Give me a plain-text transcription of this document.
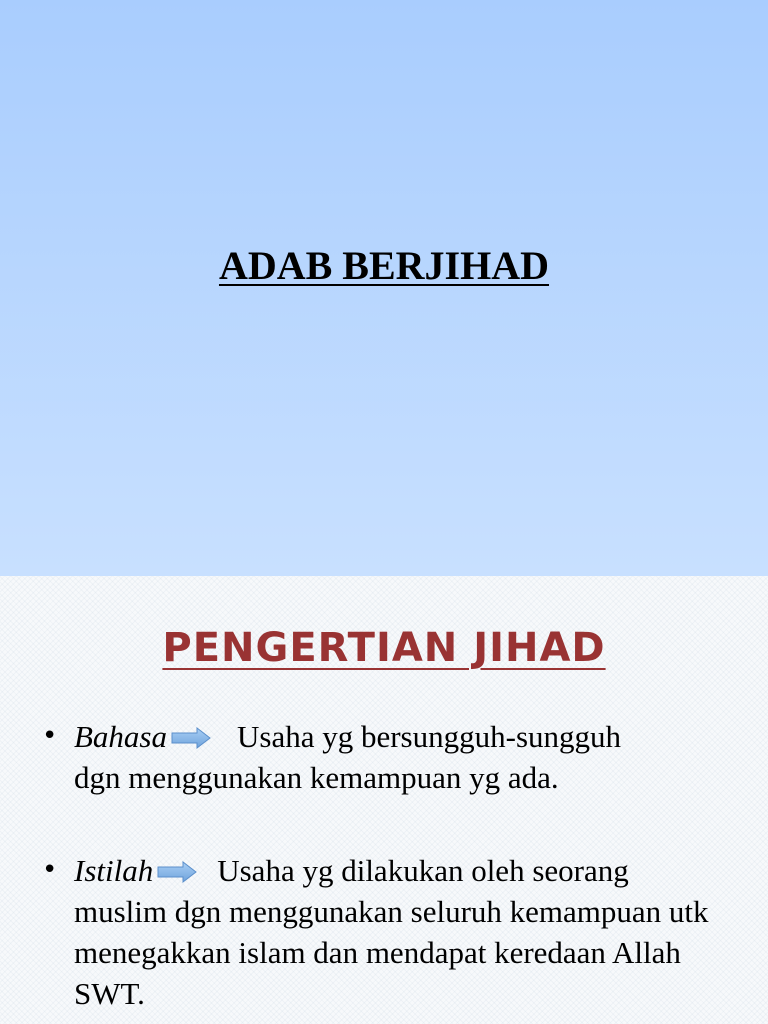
ADAB BERJIHAD
PENGERTIAN JIHAD
• Bahasa Usaha yg bersungguh-sungguh
dgn menggunakan kemampuan yg ada.
• Istilah Usaha yg dilakukan oleh seorang
muslim dgn menggunakan seluruh kemampuan utk menegakkan islam dan mendapat keredaan Allah SWT.
